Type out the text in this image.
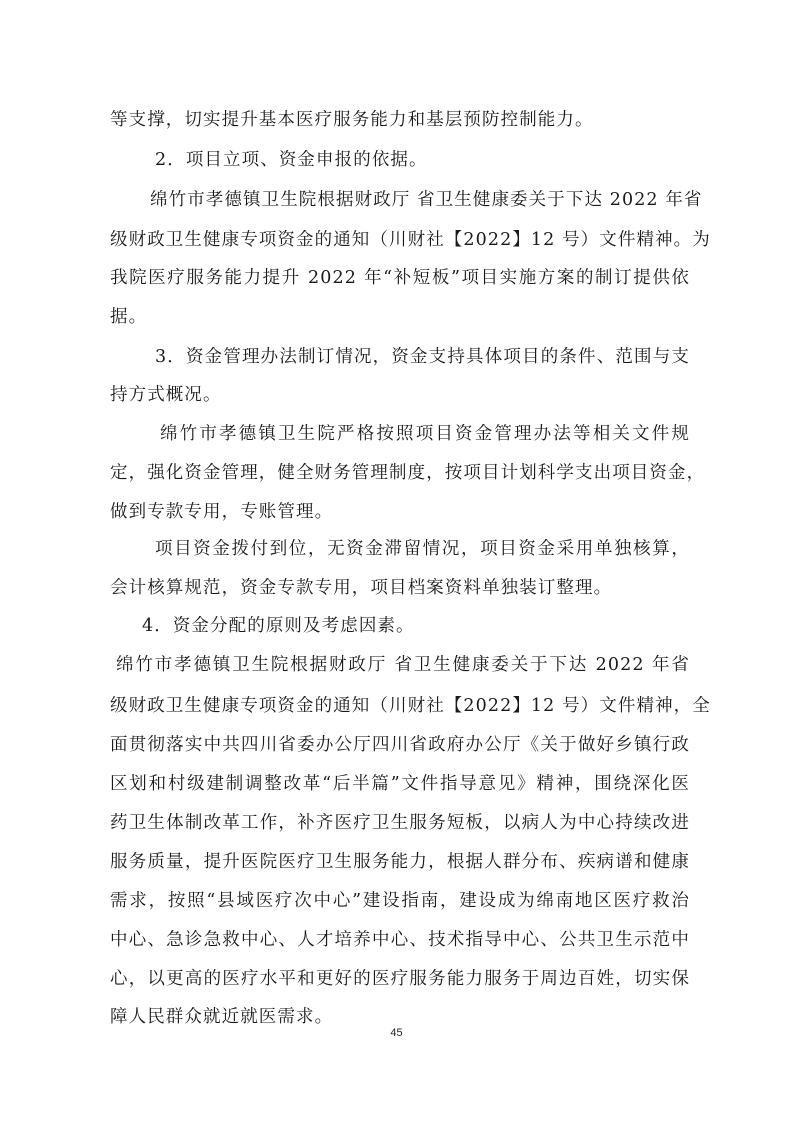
等支撑，切实提升基本医疗服务能力和基层预防控制能力。
2．项目立项、资金申报的依据。
绵竹市孝德镇卫生院根据财政厅 省卫生健康委关于下达 2022 年省
级财政卫生健康专项资金的通知（川财社【2022】12 号）文件精神。为
我院医疗服务能力提升 2022 年“补短板”项目实施方案的制订提供依
据。
3．资金管理办法制订情况，资金支持具体项目的条件、范围与支
持方式概况。
绵竹市孝德镇卫生院严格按照项目资金管理办法等相关文件规
定，强化资金管理，健全财务管理制度，按项目计划科学支出项目资金，
做到专款专用，专账管理。
项目资金拨付到位，无资金滞留情况，项目资金采用单独核算，
会计核算规范，资金专款专用，项目档案资料单独装订整理。
4．资金分配的原则及考虑因素。
绵竹市孝德镇卫生院根据财政厅 省卫生健康委关于下达 2022 年省
级财政卫生健康专项资金的通知（川财社【2022】12 号）文件精神，全
面贯彻落实中共四川省委办公厅四川省政府办公厅《关于做好乡镇行政
区划和村级建制调整改革“后半篇”文件指导意见》精神，围绕深化医
药卫生体制改革工作，补齐医疗卫生服务短板，以病人为中心持续改进
服务质量，提升医院医疗卫生服务能力，根据人群分布、疾病谱和健康
需求，按照“县域医疗次中心”建设指南，建设成为绵南地区医疗救治
中心、急诊急救中心、人才培养中心、技术指导中心、公共卫生示范中
心，以更高的医疗水平和更好的医疗服务能力服务于周边百姓，切实保
障人民群众就近就医需求。
45
